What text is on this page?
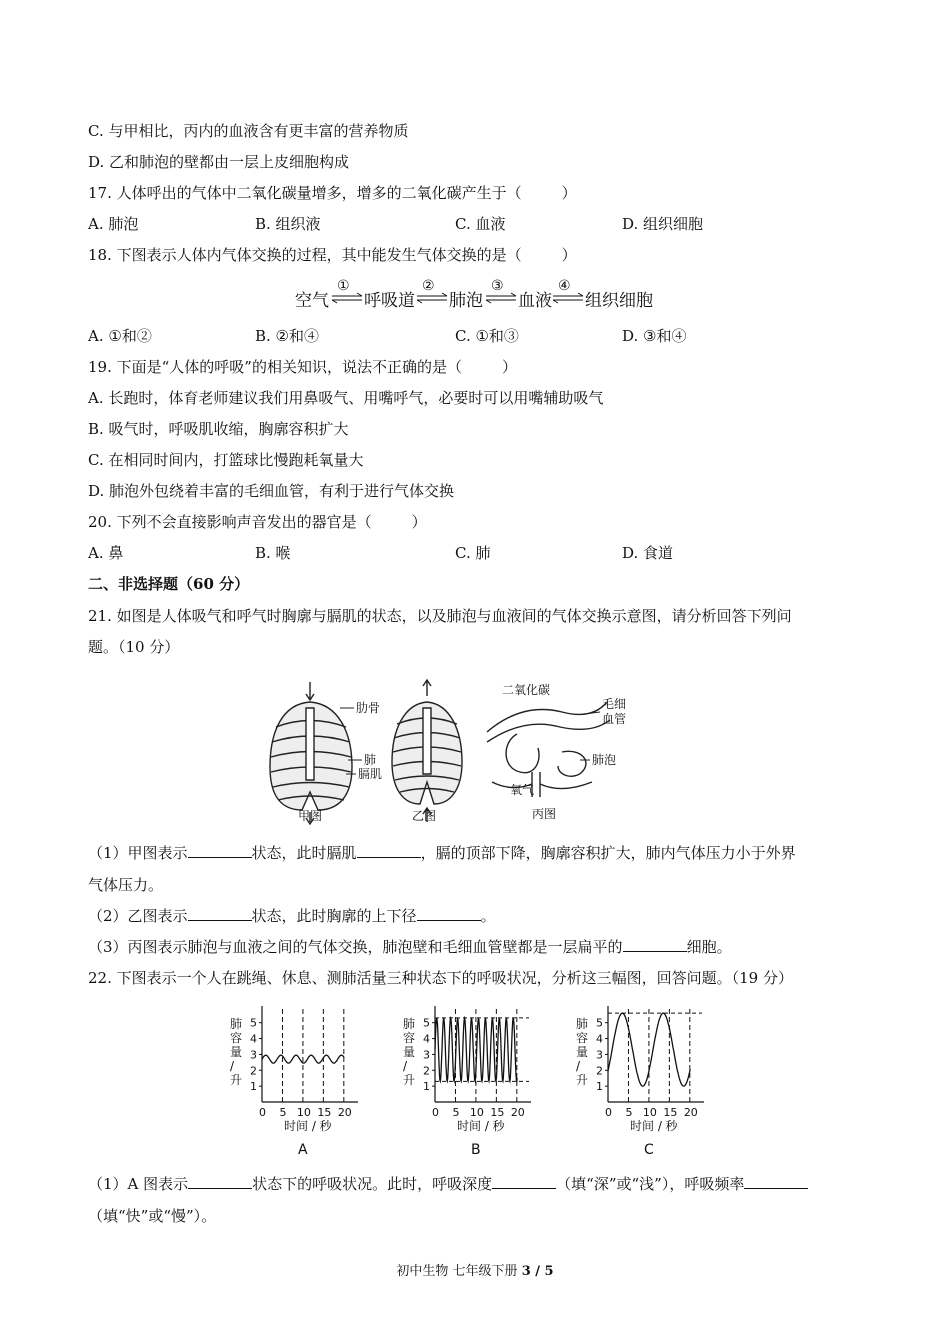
C. 与甲相比，丙内的血液含有更丰富的营养物质
D. 乙和肺泡的壁都由一层上皮细胞构成
17. 人体呼出的气体中二氧化碳量增多，增多的二氧化碳产生于（	）
A. 肺泡	B. 组织液	C. 血液	D. 组织细胞
18. 下图表示人体内气体交换的过程，其中能发生气体交换的是（	）
空气 呼吸道 肺泡 血液 组织细胞
①	②	③	④
A. ①和②	B. ②和④	C. ①和③	D. ③和④
19. 下面是“人体的呼吸”的相关知识，说法不正确的是（	）
A. 长跑时，体育老师建议我们用鼻吸气、用嘴呼气，必要时可以用嘴辅助吸气
B. 吸气时，呼吸肌收缩，胸廓容积扩大
C. 在相同时间内，打篮球比慢跑耗氧量大
D. 肺泡外包绕着丰富的毛细血管，有利于进行气体交换
20. 下列不会直接影响声音发出的器官是（	）
A. 鼻	B. 喉	C. 肺	D. 食道
二、非选择题（60 分）
21. 如图是人体吸气和呼气时胸廓与膈肌的状态，以及肺泡与血液间的气体交换示意图，请分析回答下列问
题。（10 分）
肋骨
肺
膈肌
二氧化碳
毛细
血管
肺泡
氧气
甲图	乙图	丙图
（1）甲图表示	状态，此时膈肌	，膈的顶部下降，胸廓容积扩大，肺内气体压力小于外界
气体压力。
（2）乙图表示	状态，此时胸廓的上下径	。
（3）丙图表示肺泡与血液之间的气体交换，肺泡壁和毛细血管壁都是一层扁平的	细胞。
22. 下图表示一个人在跳绳、休息、测肺活量三种状态下的呼吸状况，分析这三幅图，回答问题。（19 分）
1
2
3
4
5
0 5 10 15 20
肺
容
量
/
升
时间 / 秒
A
1
2
3
4
5
0 5 10 15 20
肺
容
量
/
升
时间 / 秒
B
1
2
3
4
5
0 5 10 15 20
肺
容
量
/
升
时间 / 秒
C
（1）A 图表示	状态下的呼吸状况。此时，呼吸深度	（填“深”或“浅”），呼吸频率
（填“快”或“慢”）。
初中生物 七年级下册 3 / 5
